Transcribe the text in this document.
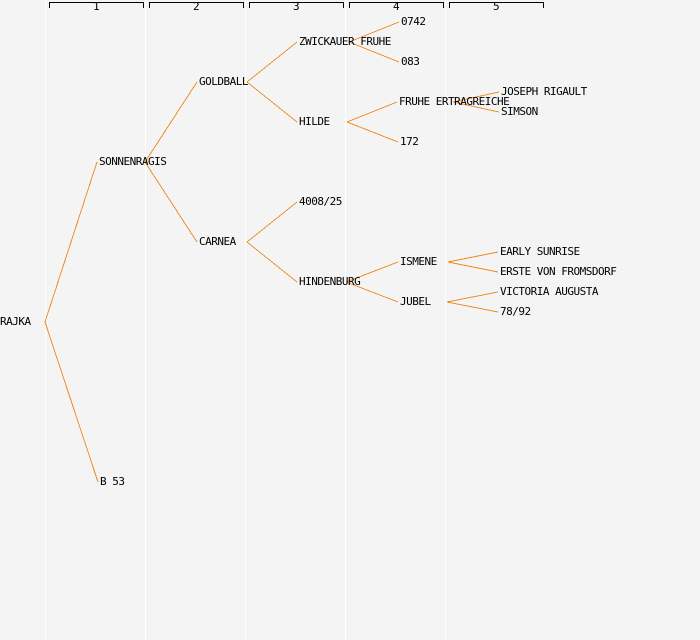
RAJKA
SONNENRAGIS
B 53
GOLDBALL
CARNEA
ZWICKAUER FRUHE
HILDE
4008/25
HINDENBURG
0742
083
FRUHE ERTRAGREICHE
172
ISMENE
JUBEL
JOSEPH RIGAULT
SIMSON
EARLY SUNRISE
ERSTE VON FROMSDORF
VICTORIA AUGUSTA
78/92
1	2	3	4	5
